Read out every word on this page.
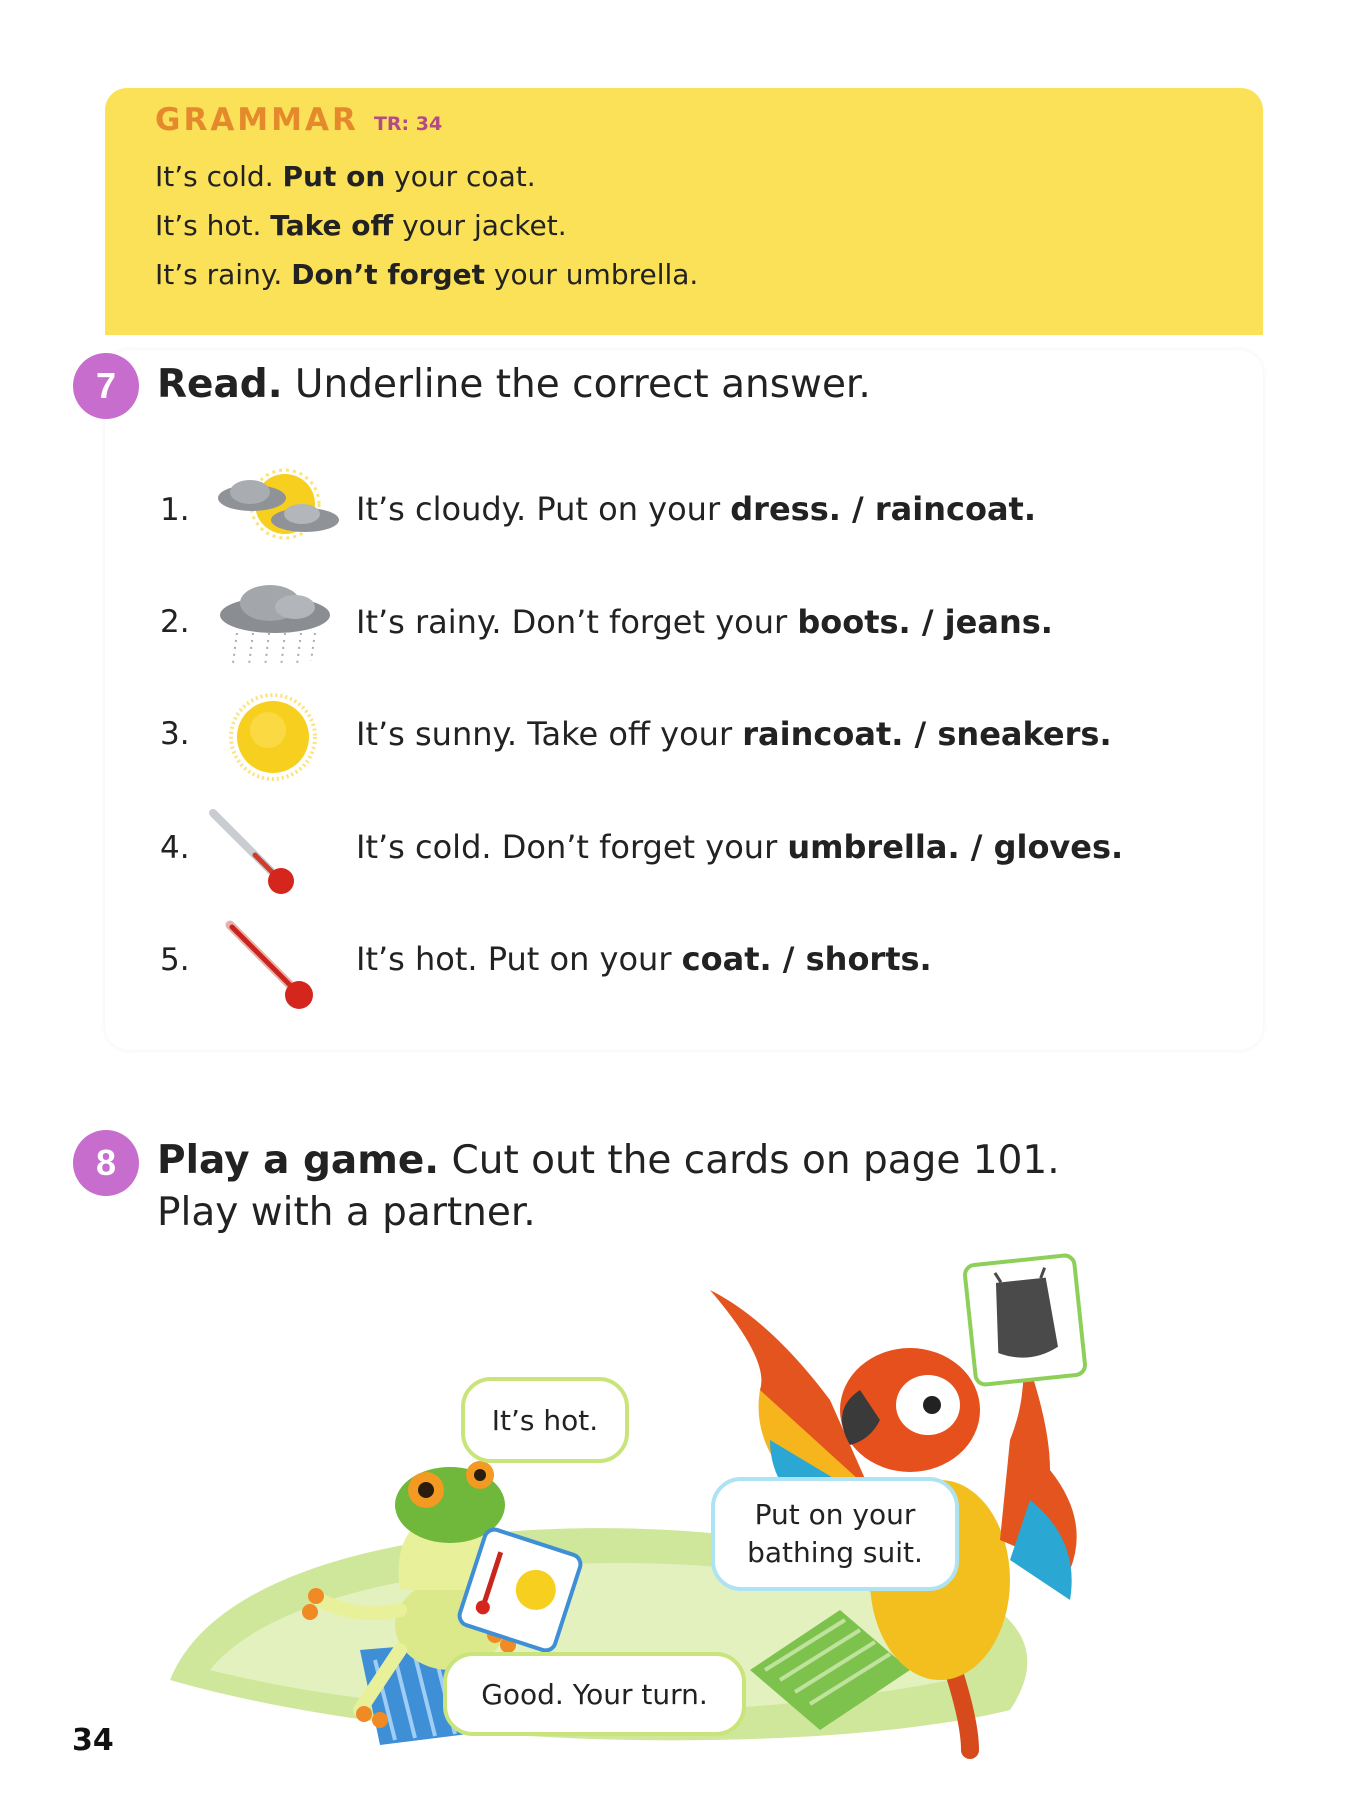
GRAMMAR TR: 34
It’s cold. Put on your coat.
It’s hot. Take off your jacket.
It’s rainy. Don’t forget your umbrella.
7	Read. Underline the correct answer.
1.	It’s cloudy. Put on your dress. / raincoat.
2.	It’s rainy. Don’t forget your boots. / jeans.
3.	It’s sunny. Take off your raincoat. / sneakers.
4.	It’s cold. Don’t forget your umbrella. / gloves.
5.	It’s hot. Put on your coat. / shorts.
8	Play a game. Cut out the cards on page 101.
Play with a partner.
It’s hot.
Put on your bathing suit.
Good. Your turn.
34
